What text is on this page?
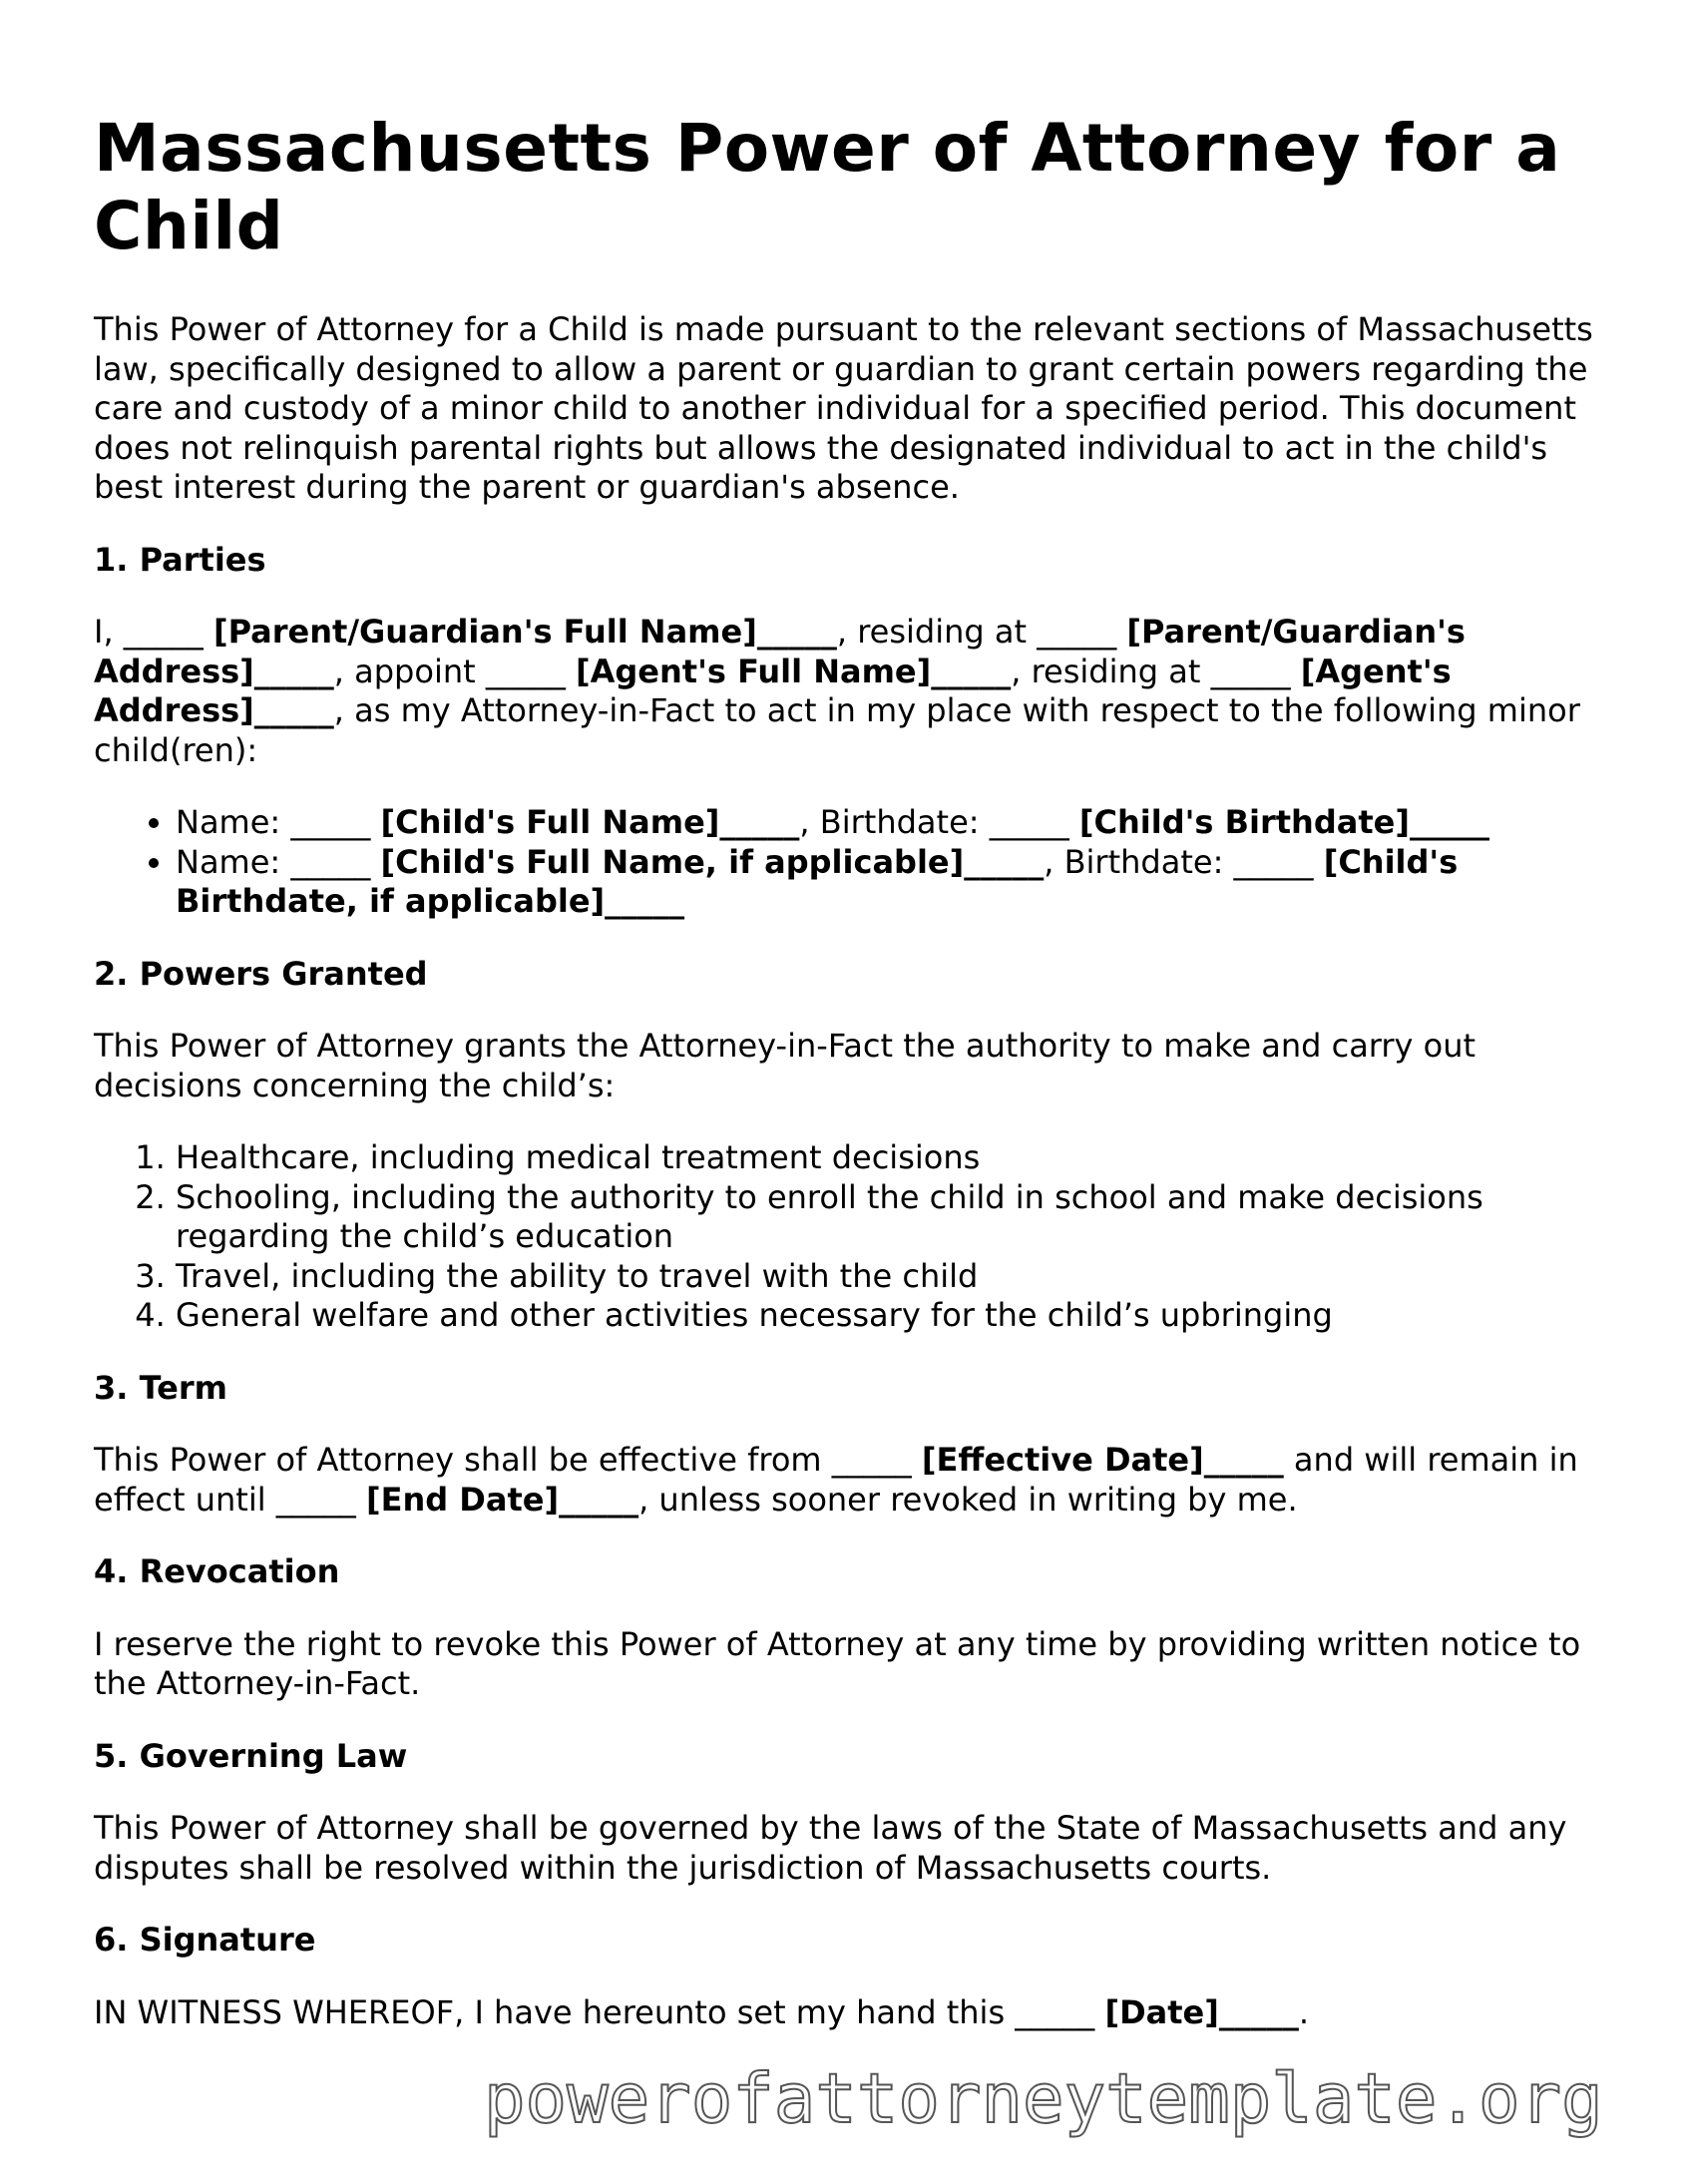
Massachusetts Power of Attorney for a Child

This Power of Attorney for a Child is made pursuant to the relevant sections of Massachusetts law, specifically designed to allow a parent or guardian to grant certain powers regarding the care and custody of a minor child to another individual for a specified period. This document does not relinquish parental rights but allows the designated individual to act in the child's best interest during the parent or guardian's absence.

1. Parties

I, _____ [Parent/Guardian's Full Name]_____, residing at _____ [Parent/Guardian's Address]_____, appoint _____ [Agent's Full Name]_____, residing at _____ [Agent's Address]_____, as my Attorney-in-Fact to act in my place with respect to the following minor child(ren):

• Name: _____ [Child's Full Name]_____, Birthdate: _____ [Child's Birthdate]_____
• Name: _____ [Child's Full Name, if applicable]_____, Birthdate: _____ [Child's Birthdate, if applicable]_____
2. Powers Granted

This Power of Attorney grants the Attorney-in-Fact the authority to make and carry out decisions concerning the child’s:

1. Healthcare, including medical treatment decisions
2. Schooling, including the authority to enroll the child in school and make decisions regarding the child’s education
3. Travel, including the ability to travel with the child
4. General welfare and other activities necessary for the child’s upbringing
3. Term

This Power of Attorney shall be effective from _____ [Effective Date]_____ and will remain in effect until _____ [End Date]_____, unless sooner revoked in writing by me.

4. Revocation

I reserve the right to revoke this Power of Attorney at any time by providing written notice to the Attorney-in-Fact.

5. Governing Law

This Power of Attorney shall be governed by the laws of the State of Massachusetts and any disputes shall be resolved within the jurisdiction of Massachusetts courts.

6. Signature

IN WITNESS WHEREOF, I have hereunto set my hand this _____ [Date]_____.

powerofattorneytemplate.org
